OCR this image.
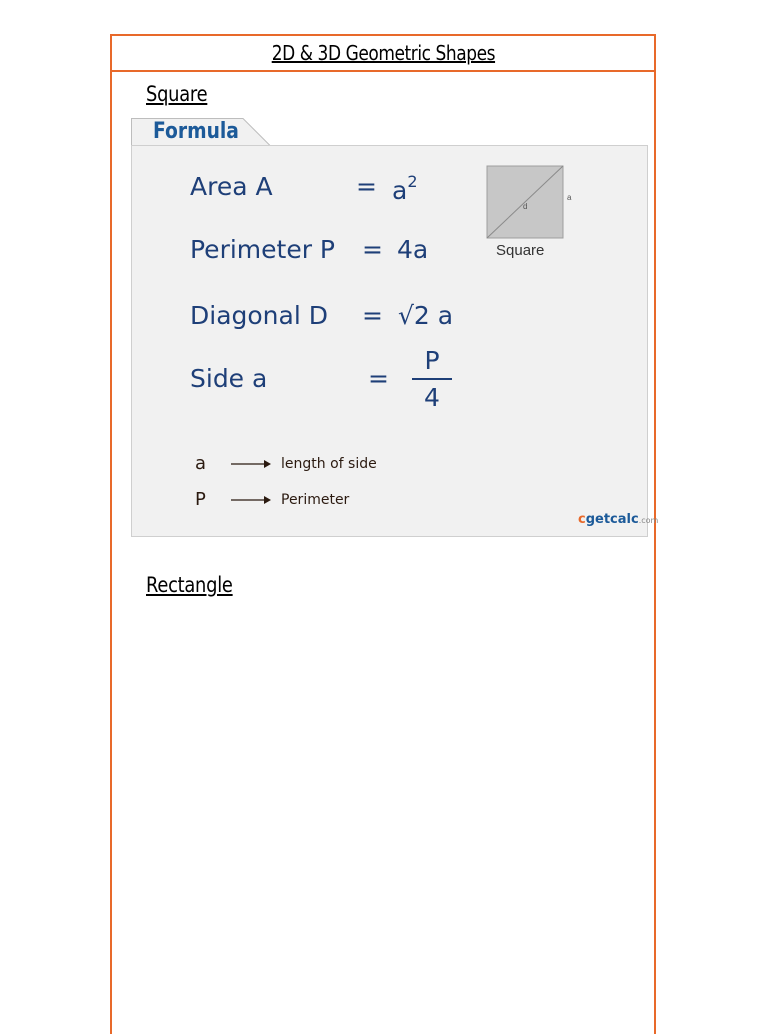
2D & 3D Geometric Shapes
Square
Formula
Area A	= $a^2$
Perimeter P = 4a
Diagonal D = √2 a
Side a	=
P
4
d
a
Square
a	length of side
P	Perimeter
c getcalc .com
Rectangle
